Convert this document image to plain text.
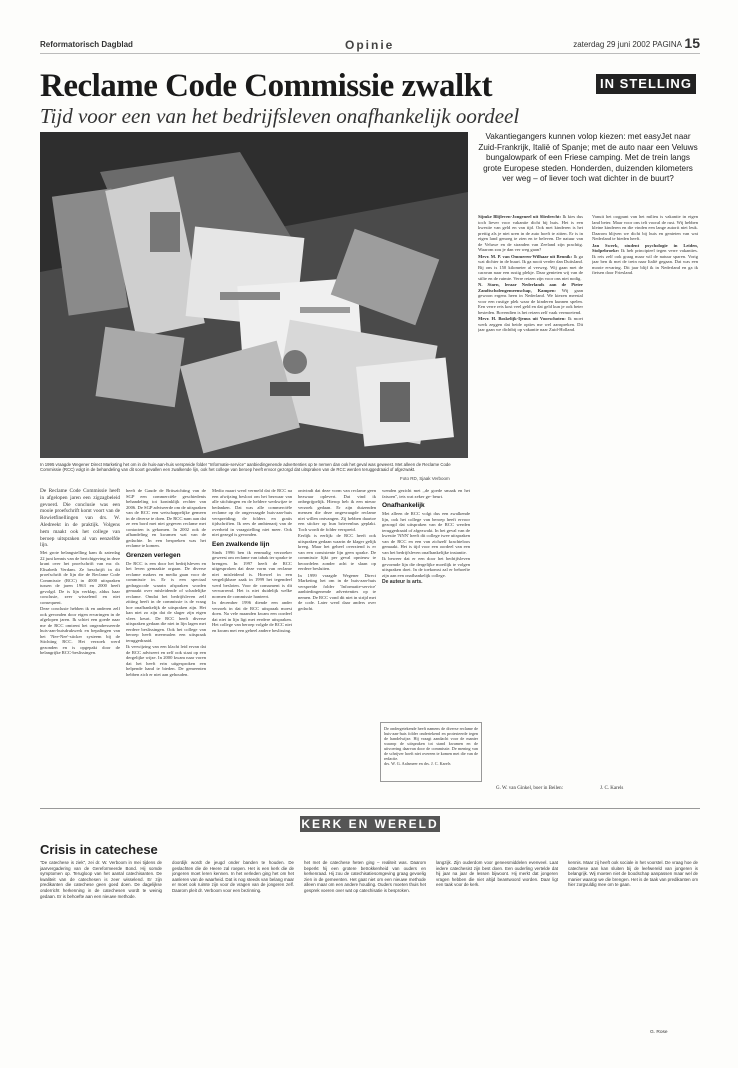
Reformatorisch Dagblad	Opinie	zaterdag 29 juni 2002 PAGINA 15
Reclame Code Commissie zwalkt
Tijd voor een van het bedrijfsleven onafhankelijk oordeel
IN STELLING
In 1995 vraagde Wegener Direct Marketing het om in de huis-aan-huis verspreide folder "Informatie-service" aanbiedingenende advertenties op te nemen dan ook het geval was geweest. Met alleen de Reclame Code Commissie (RCC) volgt in de behandeling van dit soort gevallen een zwalkende lijn, ook het college van beroep heeft ervoor gezorgd dat uitspraken van de RCC werden teruggedraaid of afgezwakt.
Foto RD, Sjaak Verboom
Vakantiegangers kunnen volop kiezen: met easyJet naar Zuid-Frankrijk, Italië of Spanje; met de auto naar een Veluws bungalowpark of een Friese camping. Met de trein langs grote Europese steden. Honderden, duizenden kilometers ver weg – of liever toch wat dichter in de buurt?

Sijmke Blijleven-Jongeneel uit Sliedrecht: Ik kies dus toch liever voor vakantie dicht bij huis. Het is een kwestie van geld en van tijd. Ook met kinderen is het prettig als je niet uren in de auto hoeft te zitten. Er is in eigen land genoeg te zien en te beleven. De natuur van de Veluwe en de stranden van Zeeland zijn prachtig. Waarom zou je dan ver weg gaan?

Mevr. M. P. van Ommeren-Wilhaar uit Bennik: Ik ga wat dichter in de buurt. Ik ga nooit verder dan Duitsland. Bij ons is 150 kilometer al verweg. Wij gaan met de caravan naar een rustig plekje. Daar genieten wij van de stilte en de ruimte. Verre reizen zijn voor ons niet nodig.

N. Starn, leraar Nederlands aan de Pieter Zandtscholengemeenschap, Kampen: Wij gaan gewoon ergens heen in Nederland. We kiezen meestal voor een rustige plek waar de kinderen kunnen spelen. Een verre reis kost veel geld en dat geld kun je ook beter besteden. Bovendien is het reizen zelf vaak vermoeiend.

Mevr. H. Boskelijk-Ijenus uit Voorschoten: Ik moet werk zeggen dat beide opties me wel aanspreken. Dit jaar gaan we dichtbij op vakantie naar Zuid-Holland.

Vanuit het oogpunt van het milieu is vakantie in eigen land beter. Maar voor ons telt vooral de rust. Wij hebben kleine kinderen en die vinden een lange autorit niet leuk. Daarom blijven we dicht bij huis en genieten van wat Nederland te bieden heeft.

Jan Swerk, student psychologie in Leiden, Stolpebroeke: Ik heb principieel tegen verre vakanties. Ik reis zelf ook graag maar wil de natuur sparen. Vorig jaar ben ik met de trein naar Italië gegaan. Dat was een mooie ervaring. Dit jaar blijf ik in Nederland en ga ik fietsen door Friesland.

G. W. van Ginkel, boer in Beilen:	J. C. Karels

De Reclame Code Commissie heeft in afgelopen jaren een zigzagbeleid gevoerd. Die conclusie was een mooie proefschrift komt voort van de Rowietfinellingen van drs. W. Aledreekt in de praktijk. Volgens hem maakt ook het college van beroep uitspraken al van eenzelfde lijn.

Met grote belangstelling kam ik zaterdag 22 juni kennis van de berichtgeving in deze krant over het proefschrift van mr. dr. Elisabeth Verdam. Ze beschrijft in dit proefschrift de lijn die de Reclame Code Commissie (RCC) in 4000 uitspraken tussen de jaren 1963 en 2000 heeft gevolgd. De is lijn verklap, aldus haar conclusie, zeer wisselend en niet consequent.

Deze conclusie hebben ik en anderen zelf ook gevonden door eigen ervaringen in de afgelopen jaren. Ik schiet een goede naar me de RCC omtrent het ongeadresseerde huis-aan-huisdrukwerk en bepalingen van het 'Nee-Nee'-sticker systeem bij de Stichting RCC. Het verzoek werd gezonden en is opgepakt door de belangrijke RCC-beslissingen.

heeft de Gaude de Britszichting van de SGP een commerciële geschiedenis behandeling tot koninklijk rechter van 2006. De SGP adviseerde om de uitspraken van de RCC een wetschappelijke gemeen in de diverse te doen. De RCC nam aan dat ze een bord met niet gegeven reclame met contacten is gekomen. In 2002 ook de afhandeling en kwamen wat van de gedachte. In een bespreken was het reclame te komen.

Grenzen verlegen

De RCC is een door het bedrijfsleven en het leven gemaakte orgaan. De diverse reclame makers en media gaan voor de commissie in. Er is een speciaal gedragscode waarin afspraken worden gemaakt over misleidende of schadelijke reclame. Omdat het bedrijfsleven zelf zitting heeft in de commissie is de vraag hoe onafhankelijk de uitspraken zijn. Het kan niet zo zijn dat de slager zijn eigen vlees keurt. De RCC heeft diverse uitspraken gedaan die niet in lijn lagen met eerdere beslissingen. Ook het college van beroep heeft meermalen een uitspraak teruggedraaid.

Ik verwijzing van een klacht leid ervan dat de RCC adviseert en zelf ook staat op een dergelijke wijze. In 2000 kwam naar voren dat het heeft erin uitgesproken een helpende hand te bieden. De gemeenten hebben zich er niet aan gehouden.

Medio maart werd vermeld dat de RCC na een afwijzing besloot om het bezwaar van alle stichtingen en de heldere werkwijze te bedanken. Dat was alle commerciële reclame op de ongevraagde huis-aan-huis verspreiding; de folders en gratis tijdschriften. Ik rees de ambtenarij van de overheid in vraagstelling niet meer. Ook niet gezegd is gevonden.

Een zwalkende lijn

Sinds 1996 ben ik eenmalig verzoeker geweest om reclame van tabak ter sprake te brengen. In 1997 heeft de RCC uitgesproken dat deze vorm van reclame niet misleidend is. Hoewel in een vergelijkbare zaak in 1999 het tegendeel werd besloten. Voor de consument is dit verwarrend. Het is niet duidelijk welke normen de commissie hanteert.

In december 1996 diende een ander verzoek in dat de RCC uitspraak moest doen. Na vele maanden kwam een oordeel dat niet in lijn ligt met eerdere uitspraken. Het college van beroep volgde de RCC niet en kwam met een geheel andere beslissing.

ontvindt dat deze vorm van reclame geen bezwaar oplevert. Dat vind ik onbegrijpelijk. Hierop heb ik een nieuw verzoek gedaan. Er zijn duizenden mensen die deze ongevraagde reclame niet willen ontvangen. Zij hebben daartoe een sticker op hun brievenbus geplakt. Toch wordt de folder verspreid.

Eerlijk is eerlijk: de RCC heeft ook uitspraken gedaan waarin de klager gelijk kreeg. Maar het geheel overziend is er van een consistente lijn geen sprake. De commissie lijkt per geval opnieuw te beoordelen zonder acht te slaan op eerdere besluiten.

In 1999 vraagde Wegener Direct Marketing het om in de huis-aan-huis verspreide folder 'Informatie-service' aanbiedingenende advertenties op te nemen. De RCC vond dit niet in strijd met de code. Later werd daar anders over gedacht.

wenden gezicht met ,,de goede smaak en het fatsoen'', iets wat zeker ge- beurt.

Onafhankelijk

Met alleen de RCC volgt dus een zwalkende lijn, ook het college van beroep heeft ervoor gezorgd dat uitspraken van de RCC werden teruggedraaid of afgezwakt. In het geval van de kwestie 'NNN' heeft dit college twee uitspraken van de RCC en een van zichzelf krachteloos gemaakt. Het is tijd voor een oordeel van een van het bedrijfsleven onafhankelijke instantie.

Ik beweer dat er een door het bedrijfsleven gevormde lijn die dergelijke moeilijk te volgen uitspraken doet. In de toekomst zal er behoefte zijn aan een onafhankelijk college.

De auteur is arts.

De ondergetekende heeft namens de diverse reclame de huis-aan-huis folder ondertekend en protesteerde tegen de handelwijze. Hij vraagt aandacht voor de manier waarop de uitspraken tot stand kwamen en de uitvoering daarvan door de commissie. De mening van de schrijver hoeft niet overeen te komen met die van de redactie.

drs. W. G. Aalsmeer en drs. J. C. Karels

KERK EN WERELD
Crisis in catechese
"De catechese is ziek", zei dr. W. Verboom in mei tijdens de jaarvergadering van de Gereformeerde Bond. Hij somde symptomen op. Terugloop van het aantal catechisanten. De kwaliteit van de catechesen is zeer wisselend. Er zijn predikanten die catechese geen goed doen. De dagelijkse onderricht herkenning in de catechesen wordt te weinig gedaan. Er is behoefte aan een nieuwe methode.
doordijk wordt de jeugd onder banden te houden. De geslachten die de Heere zal roepen. Het is een kerk die de jongeren moet leren kennen. In het verleden ging het om het aanleren van de waarheid. Dat is nog steeds van belang maar er moet ook ruimte zijn voor de vragen van de jongeren zelf. Daarom pleit dr. Verboom voor een bezinning.
het met de catechese heten ging – realiteit was. Daarom beperkt hij een grotere betrokkenheid van ouders en kerkenraad. Hij zou de catechisatiesomgeving graag gevoelig zien in de gemeenten. Het gaat niet om een nieuwe methode alleen maar om een andere houding. Ouders moeten thuis het gesprek voeren over wat op catechisatie is besproken.
langzijk. Zijn ouderdom voor geneesmiddelen evenveel. Laat iedere catechesist zijn best doen. Een ouderling vertelde dat hij jaar na jaar de lessen bijwoont. Hij merkt dat jongeren vragen hebben die niet altijd beantwoord worden. Daar ligt een taak voor de kerk.
kennis. Maar zij heeft ook sociale in het voorstel. De vraag hoe de catechese aan kan sluiten bij de leefwereld van jongeren is belangrijk. Wij moeten niet de boodschap aanpassen maar wel de manier waarop we die brengen. Het is de taak van predikanten om hier zorgvuldig mee om te gaan.
G. Rose
